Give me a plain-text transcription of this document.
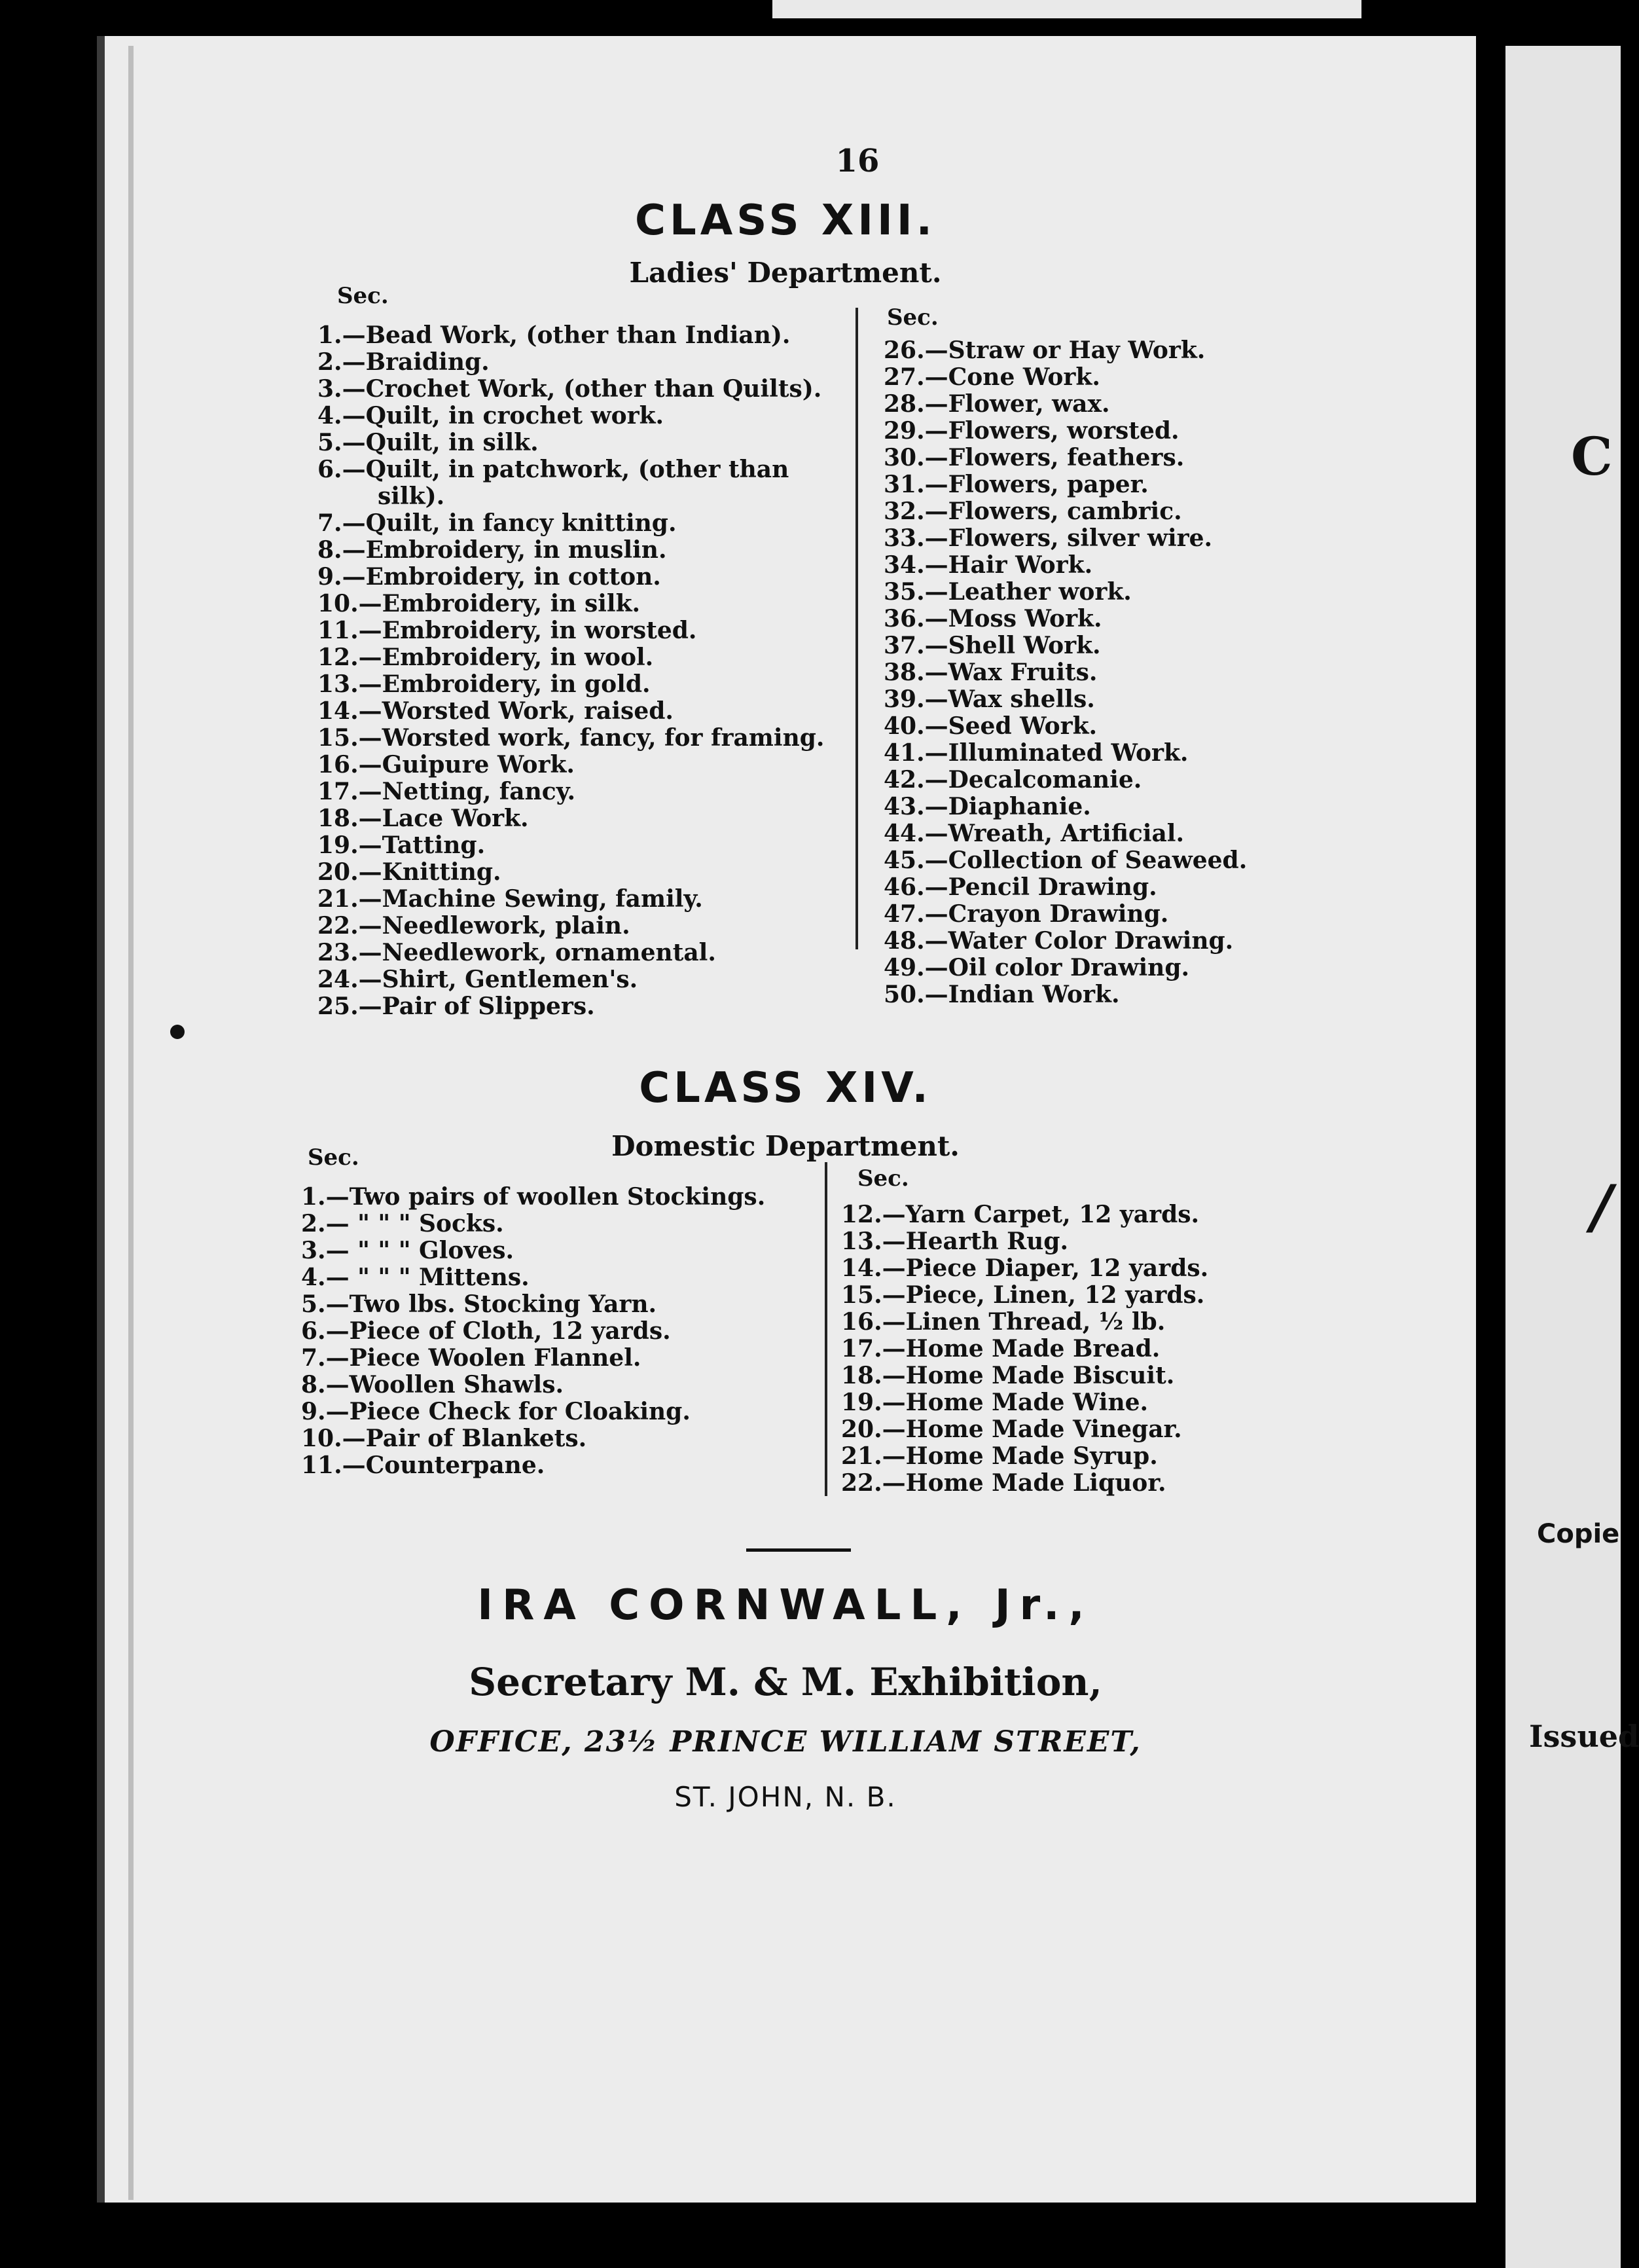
C
/
Copie
Issued
16
CLASS XIII.
Ladies' Department.
Sec.
Sec.
1.—Bead Work, (other than Indian).
2.—Braiding.
3.—Crochet Work, (other than Quilts).
4.—Quilt, in crochet work.
5.—Quilt, in silk.
6.—Quilt, in patchwork, (other than
silk).
7.—Quilt, in fancy knitting.
8.—Embroidery, in muslin.
9.—Embroidery, in cotton.
10.—Embroidery, in silk.
11.—Embroidery, in worsted.
12.—Embroidery, in wool.
13.—Embroidery, in gold.
14.—Worsted Work, raised.
15.—Worsted work, fancy, for framing.
16.—Guipure Work.
17.—Netting, fancy.
18.—Lace Work.
19.—Tatting.
20.—Knitting.
21.—Machine Sewing, family.
22.—Needlework, plain.
23.—Needlework, ornamental.
24.—Shirt, Gentlemen's.
25.—Pair of Slippers.
26.—Straw or Hay Work.
27.—Cone Work.
28.—Flower, wax.
29.—Flowers, worsted.
30.—Flowers, feathers.
31.—Flowers, paper.
32.—Flowers, cambric.
33.—Flowers, silver wire.
34.—Hair Work.
35.—Leather work.
36.—Moss Work.
37.—Shell Work.
38.—Wax Fruits.
39.—Wax shells.
40.—Seed Work.
41.—Illuminated Work.
42.—Decalcomanie.
43.—Diaphanie.
44.—Wreath, Artificial.
45.—Collection of Seaweed.
46.—Pencil Drawing.
47.—Crayon Drawing.
48.—Water Color Drawing.
49.—Oil color Drawing.
50.—Indian Work.
CLASS XIV.
Domestic Department.
Sec.
Sec.
1.—Two pairs of woollen Stockings.
2.— " " " Socks.
3.— " " " Gloves.
4.— " " " Mittens.
5.—Two lbs. Stocking Yarn.
6.—Piece of Cloth, 12 yards.
7.—Piece Woolen Flannel.
8.—Woollen Shawls.
9.—Piece Check for Cloaking.
10.—Pair of Blankets.
11.—Counterpane.
12.—Yarn Carpet, 12 yards.
13.—Hearth Rug.
14.—Piece Diaper, 12 yards.
15.—Piece, Linen, 12 yards.
16.—Linen Thread, ½ lb.
17.—Home Made Bread.
18.—Home Made Biscuit.
19.—Home Made Wine.
20.—Home Made Vinegar.
21.—Home Made Syrup.
22.—Home Made Liquor.
IRA CORNWALL, Jr.,
Secretary M. & M. Exhibition,
OFFICE, 23½ PRINCE WILLIAM STREET,
ST. JOHN, N. B.
